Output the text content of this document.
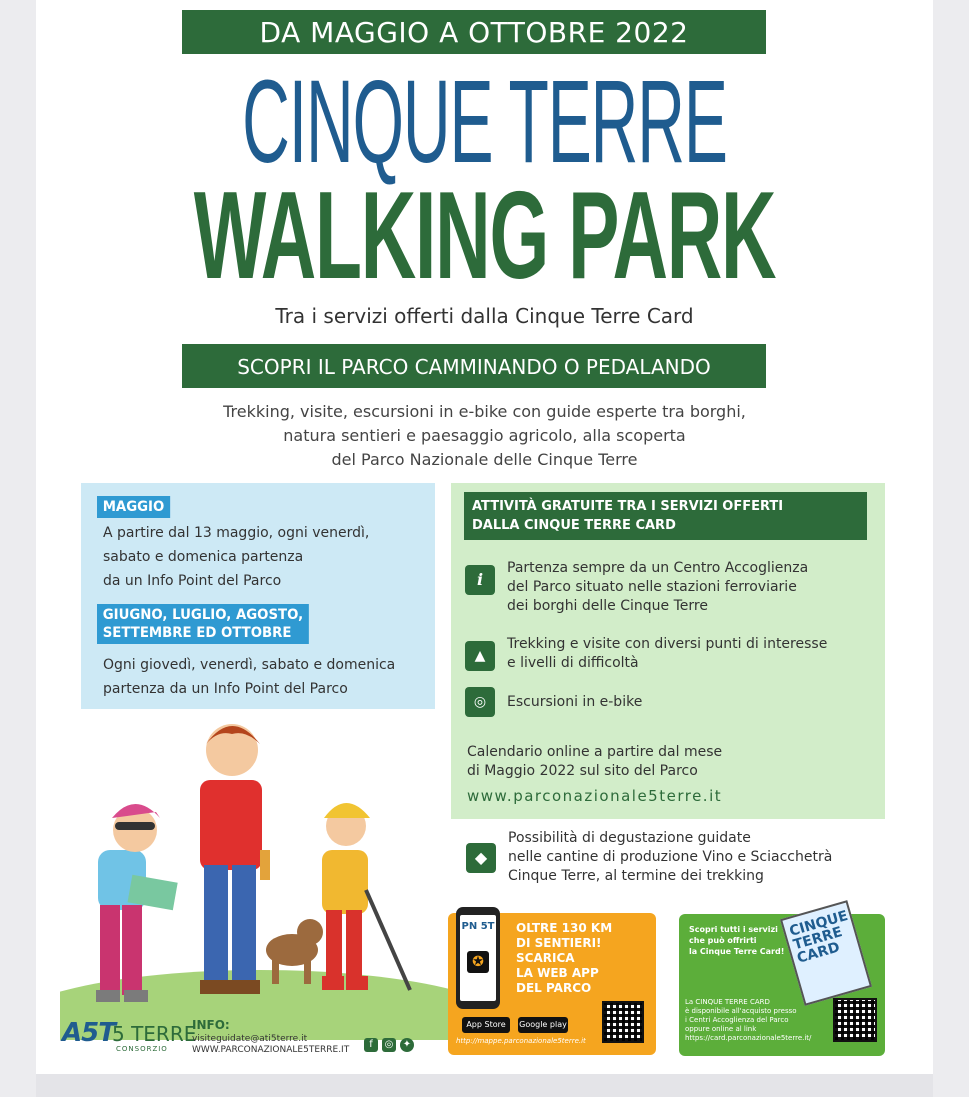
DA MAGGIO A OTTOBRE 2022
CINQUE TERRE
WALKING PARK
Tra i servizi offerti dalla Cinque Terre Card
SCOPRI IL PARCO CAMMINANDO O PEDALANDO
Trekking, visite, escursioni in e-bike con guide esperte tra borghi,
natura sentieri e paesaggio agricolo, alla scoperta
del Parco Nazionale delle Cinque Terre
MAGGIO
A partire dal 13 maggio, ogni venerdì,
sabato e domenica partenza
da un Info Point del Parco
GIUGNO, LUGLIO, AGOSTO,
SETTEMBRE ED OTTOBRE
Ogni giovedì, venerdì, sabato e domenica
partenza da un Info Point del Parco
ATTIVITÀ GRATUITE TRA I SERVIZI OFFERTI
DALLA CINQUE TERRE CARD
i
Partenza sempre da un Centro Accoglienza
del Parco situato nelle stazioni ferroviarie
dei borghi delle Cinque Terre
▲
Trekking e visite con diversi punti di interesse
e livelli di difficoltà
◎	Escursioni in e-bike
Calendario online a partire dal mese
di Maggio 2022 sul sito del Parco
www.parconazionale5terre.it
◆
Possibilità di degustazione guidate
nelle cantine di produzione Vino e Sciacchetrà
Cinque Terre, al termine dei trekking
PN 5T
✪
OLTRE 130 KM
DI SENTIERI!
SCARICA
LA WEB APP
DEL PARCO
App Store	Google play
http://mappe.parconazionale5terre.it
Scopri tutti i servizi
che può offrirti
la Cinque Terre Card!
CINQUE TERRE CARD
La CINQUE TERRE CARD
è disponibile all'acquisto presso
i Centri Accoglienza del Parco
oppure online al link
https://card.parconazionale5terre.it/
A5T
5 TERRE
CONSORZIO
INFO:
visiteguidate@ati5terre.it
WWW.PARCONAZIONALE5TERRE.IT	f	◎ ✦
